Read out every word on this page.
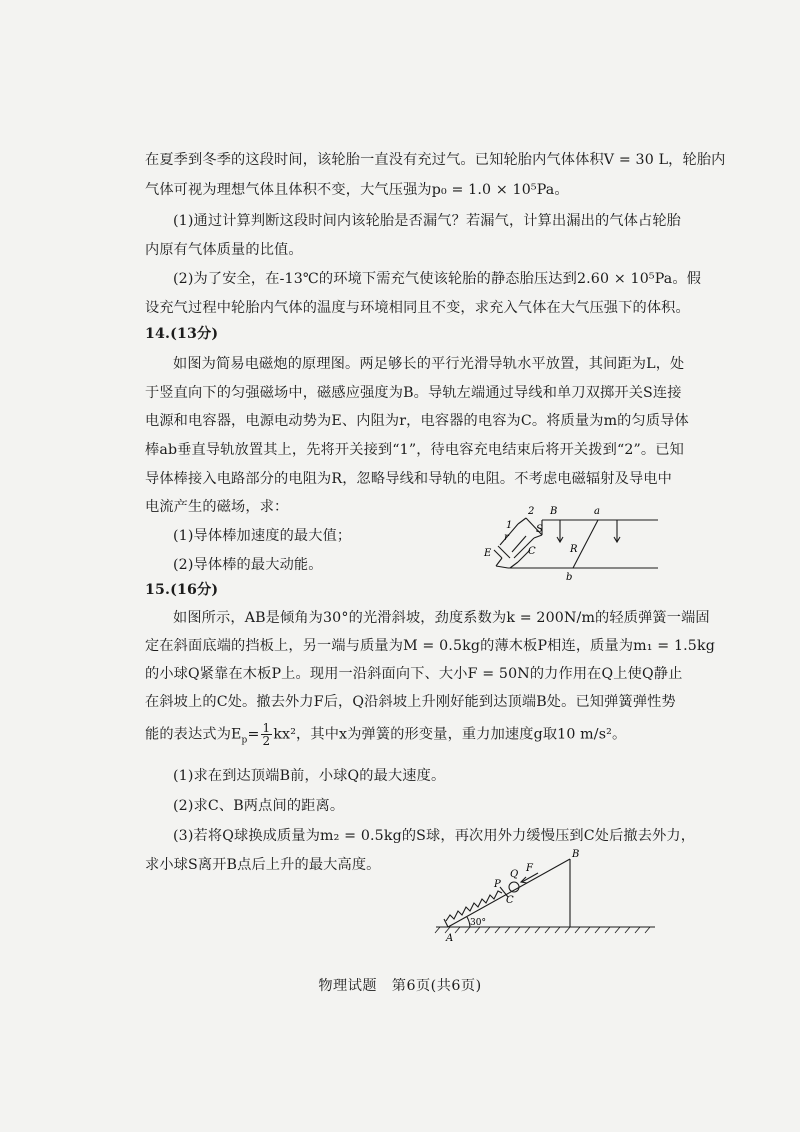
在夏季到冬季的这段时间，该轮胎一直没有充过气。已知轮胎内气体体积V = 30 L，轮胎内
气体可视为理想气体且体积不变，大气压强为p₀ = 1.0 × 10⁵Pa。
(1)通过计算判断这段时间内该轮胎是否漏气？若漏气，计算出漏出的气体占轮胎
内原有气体质量的比值。
(2)为了安全，在-13℃的环境下需充气使该轮胎的静态胎压达到2.60 × 10⁵Pa。假
设充气过程中轮胎内气体的温度与环境相同且不变，求充入气体在大气压强下的体积。
14.(13分)
如图为简易电磁炮的原理图。两足够长的平行光滑导轨水平放置，其间距为L，处
于竖直向下的匀强磁场中，磁感应强度为B。导轨左端通过导线和单刀双掷开关S连接
电源和电容器，电源电动势为E、内阻为r，电容器的电容为C。将质量为m的匀质导体
棒ab垂直导轨放置其上，先将开关接到“1”，待电容充电结束后将开关拨到“2”。已知
导体棒接入电路部分的电阻为R，忽略导线和导轨的电阻。不考虑电磁辐射及导电中
电流产生的磁场，求：
(1)导体棒加速度的最大值；
(2)导体棒的最大动能。
2 B	a
1 S
r
E	C	R
b
15.(16分)
如图所示，AB是倾角为30°的光滑斜坡，劲度系数为k = 200N/m的轻质弹簧一端固
定在斜面底端的挡板上，另一端与质量为M = 0.5kg的薄木板P相连，质量为m₁ = 1.5kg
的小球Q紧靠在木板P上。现用一沿斜面向下、大小F = 50N的力作用在Q上使Q静止
在斜坡上的C处。撤去外力F后，Q沿斜坡上升刚好能到达顶端B处。已知弹簧弹性势
能的表达式为$E_p= \frac{1}{2} kx^2$，其中x为弹簧的形变量，重力加速度g取10 m/s²。
(1)求在到达顶端B前，小球Q的最大速度。
(2)求C、B两点间的距离。
(3)若将Q球换成质量为m₂ = 0.5kg的S球，再次用外力缓慢压到C处后撤去外力，
求小球S离开B点后上升的最大高度。
B
P
Q
F
C
A
30°
物理试题　第6页(共6页)
